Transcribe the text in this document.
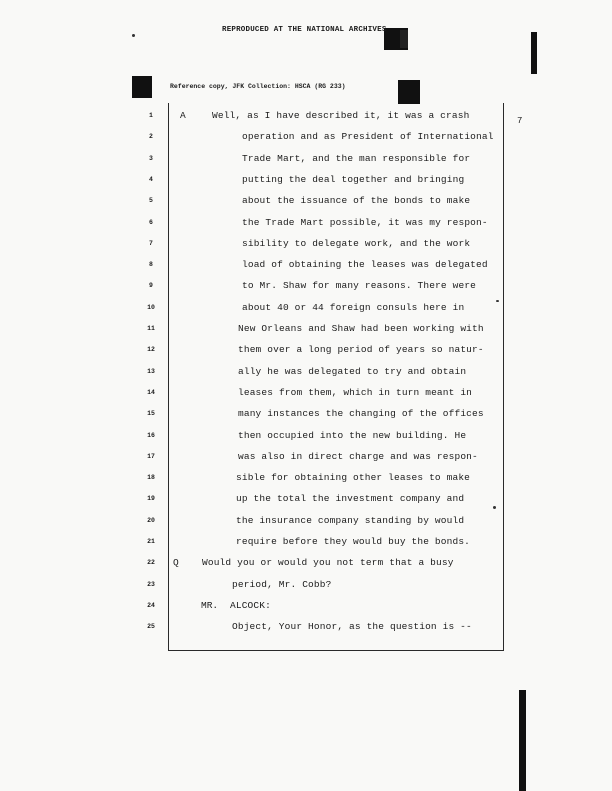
REPRODUCED AT THE NATIONAL ARCHIVES
Reference copy, JFK Collection: HSCA (RG 233)
7
1	A	Well, as I have described it, it was a crash
2	operation and as President of International
3	Trade Mart, and the man responsible for
4	putting the deal together and bringing
5	about the issuance of the bonds to make
6	the Trade Mart possible, it was my respon-
7	sibility to delegate work, and the work
8	load of obtaining the leases was delegated
9	to Mr. Shaw for many reasons. There were
10	about 40 or 44 foreign consuls here in
11	New Orleans and Shaw had been working with
12	them over a long period of years so natur-
13	ally he was delegated to try and obtain
14	leases from them, which in turn meant in
15	many instances the changing of the offices
16	then occupied into the new building. He
17	was also in direct charge and was respon-
18	sible for obtaining other leases to make
19	up the total the investment company and
20	the insurance company standing by would
21	require before they would buy the bonds.
22	Q Would you or would you not term that a busy
23	period, Mr. Cobb?
24	MR. ALCOCK:
25	Object, Your Honor, as the question is --
